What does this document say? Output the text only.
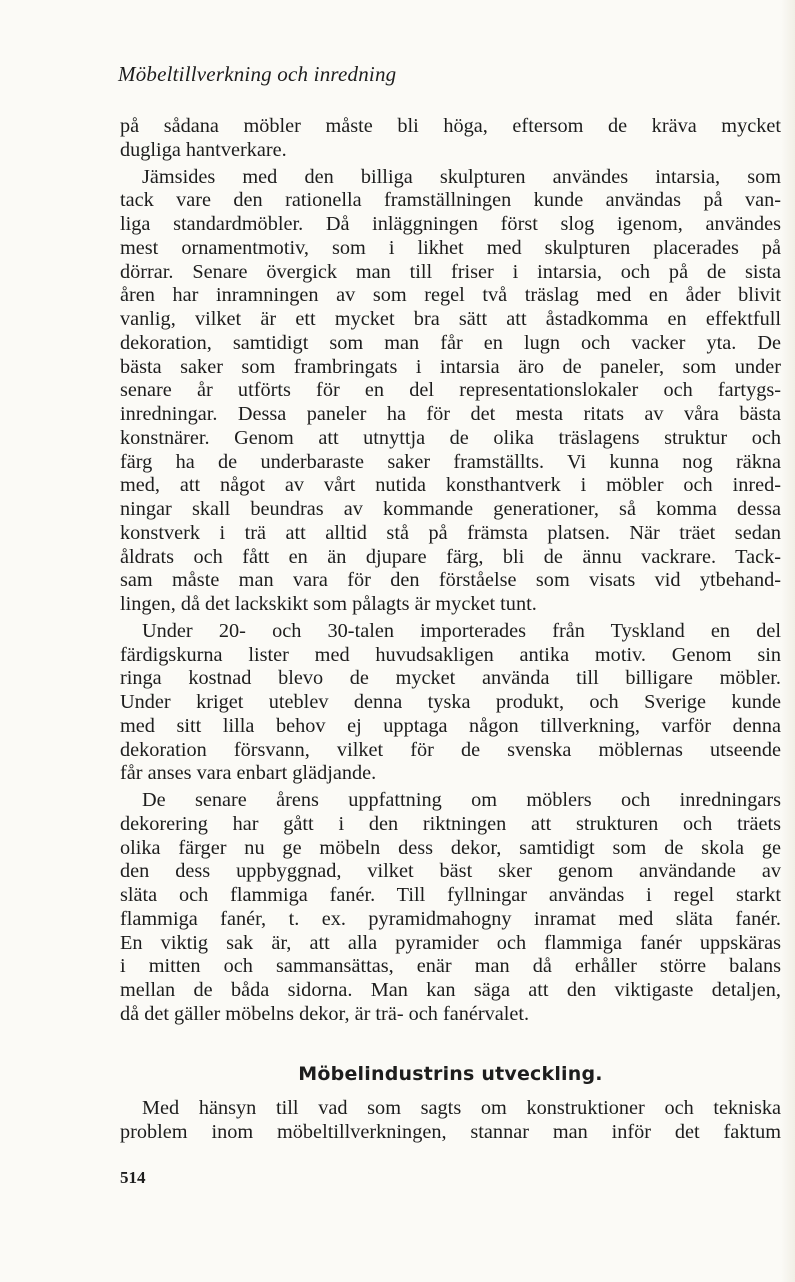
Möbeltillverkning och inredning
på sådana möbler måste bli höga, eftersom de kräva mycket
dugliga hantverkare.
Jämsides med den billiga skulpturen användes intarsia, som
tack vare den rationella framställningen kunde användas på van-
liga standardmöbler. Då inläggningen först slog igenom, användes
mest ornamentmotiv, som i likhet med skulpturen placerades på
dörrar. Senare övergick man till friser i intarsia, och på de sista
åren har inramningen av som regel två träslag med en åder blivit
vanlig, vilket är ett mycket bra sätt att åstadkomma en effektfull
dekoration, samtidigt som man får en lugn och vacker yta. De
bästa saker som frambringats i intarsia äro de paneler, som under
senare år utförts för en del representationslokaler och fartygs-
inredningar. Dessa paneler ha för det mesta ritats av våra bästa
konstnärer. Genom att utnyttja de olika träslagens struktur och
färg ha de underbaraste saker framställts. Vi kunna nog räkna
med, att något av vårt nutida konsthantverk i möbler och inred-
ningar skall beundras av kommande generationer, så komma dessa
konstverk i trä att alltid stå på främsta platsen. När träet sedan
åldrats och fått en än djupare färg, bli de ännu vackrare. Tack-
sam måste man vara för den förståelse som visats vid ytbehand-
lingen, då det lackskikt som pålagts är mycket tunt.
Under 20- och 30-talen importerades från Tyskland en del
färdigskurna lister med huvudsakligen antika motiv. Genom sin
ringa kostnad blevo de mycket använda till billigare möbler.
Under kriget uteblev denna tyska produkt, och Sverige kunde
med sitt lilla behov ej upptaga någon tillverkning, varför denna
dekoration försvann, vilket för de svenska möblernas utseende
får anses vara enbart glädjande.
De senare årens uppfattning om möblers och inredningars
dekorering har gått i den riktningen att strukturen och träets
olika färger nu ge möbeln dess dekor, samtidigt som de skola ge
den dess uppbyggnad, vilket bäst sker genom användande av
släta och flammiga fanér. Till fyllningar användas i regel starkt
flammiga fanér, t. ex. pyramidmahogny inramat med släta fanér.
En viktig sak är, att alla pyramider och flammiga fanér uppskäras
i mitten och sammansättas, enär man då erhåller större balans
mellan de båda sidorna. Man kan säga att den viktigaste detaljen,
då det gäller möbelns dekor, är trä- och fanérvalet.
Möbelindustrins utveckling.
Med hänsyn till vad som sagts om konstruktioner och tekniska
problem inom möbeltillverkningen, stannar man inför det faktum
514
